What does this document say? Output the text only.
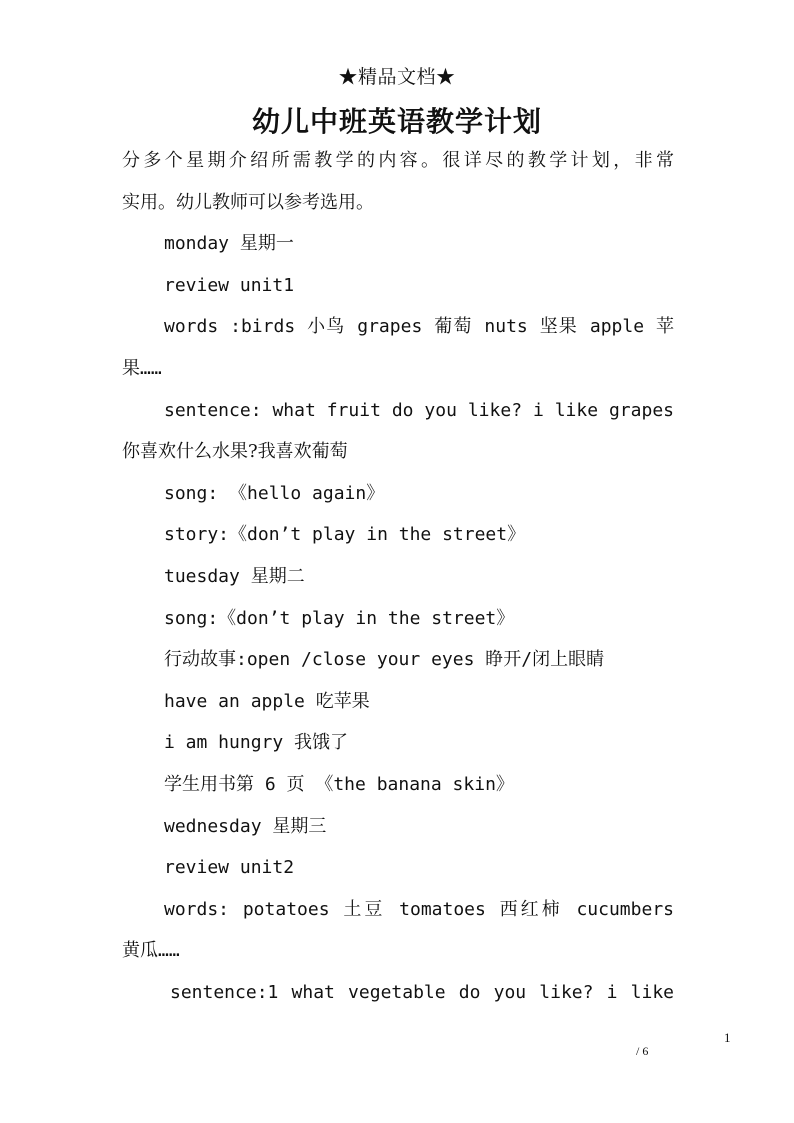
★精品文档★
幼儿中班英语教学计划
分多个星期介绍所需教学的内容。很详尽的教学计划，非常
实用。幼儿教师可以参考选用。
monday 星期一
review unit1
words :birds 小鸟 grapes 葡萄 nuts 坚果 apple 苹
果……
sentence: what fruit do you like? i like grapes
你喜欢什么水果?我喜欢葡萄
song: 《hello again》
story:《don’t play in the street》
tuesday 星期二
song:《don’t play in the street》
行动故事:open /close your eyes 睁开/闭上眼睛
have an apple 吃苹果
i am hungry 我饿了
学生用书第 6 页 《the banana skin》
wednesday 星期三
review unit2
words: potatoes 土豆 tomatoes 西红柿 cucumbers
黄瓜……
sentence:1 what vegetable do you like? i like
1
/ 6
